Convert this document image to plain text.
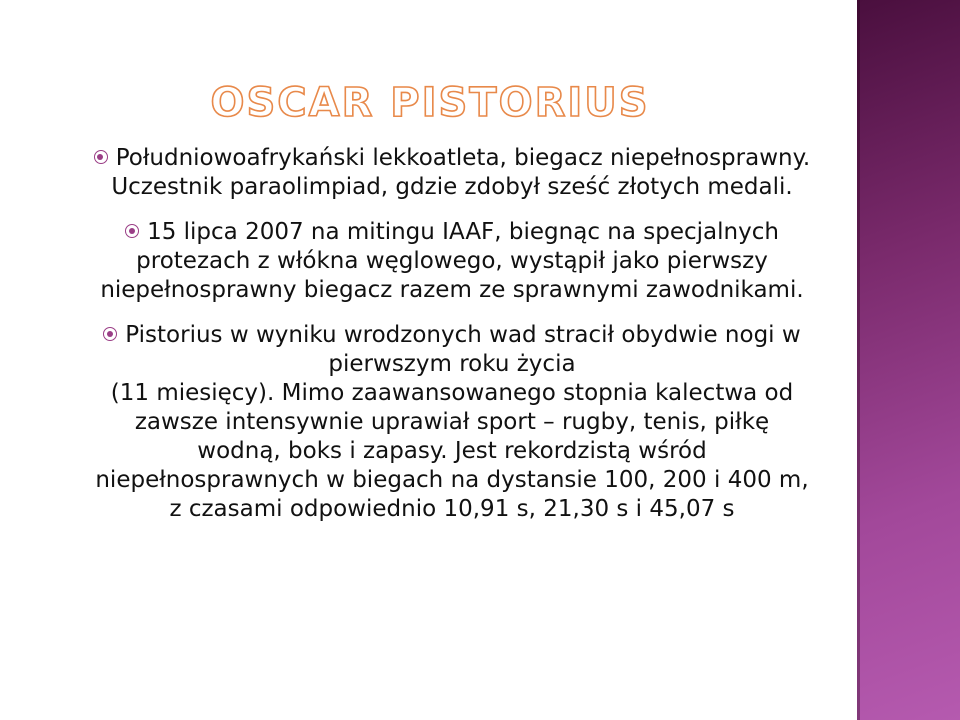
OSCAR PISTORIUS
Południowoafrykański lekkoatleta, biegacz niepełnosprawny. Uczestnik paraolimpiad, gdzie zdobył sześć złotych medali.
15 lipca 2007 na mitingu IAAF, biegnąc na specjalnych protezach z włókna węglowego, wystąpił jako pierwszy niepełnosprawny biegacz razem ze sprawnymi zawodnikami.
Pistorius w wyniku wrodzonych wad stracił obydwie nogi w pierwszym roku życia
(11 miesięcy). Mimo zaawansowanego stopnia kalectwa od zawsze intensywnie uprawiał sport – rugby, tenis, piłkę wodną, boks i zapasy. Jest rekordzistą wśród niepełnosprawnych w biegach na dystansie 100, 200 i 400 m, z czasami odpowiednio 10,91 s, 21,30 s i 45,07 s
